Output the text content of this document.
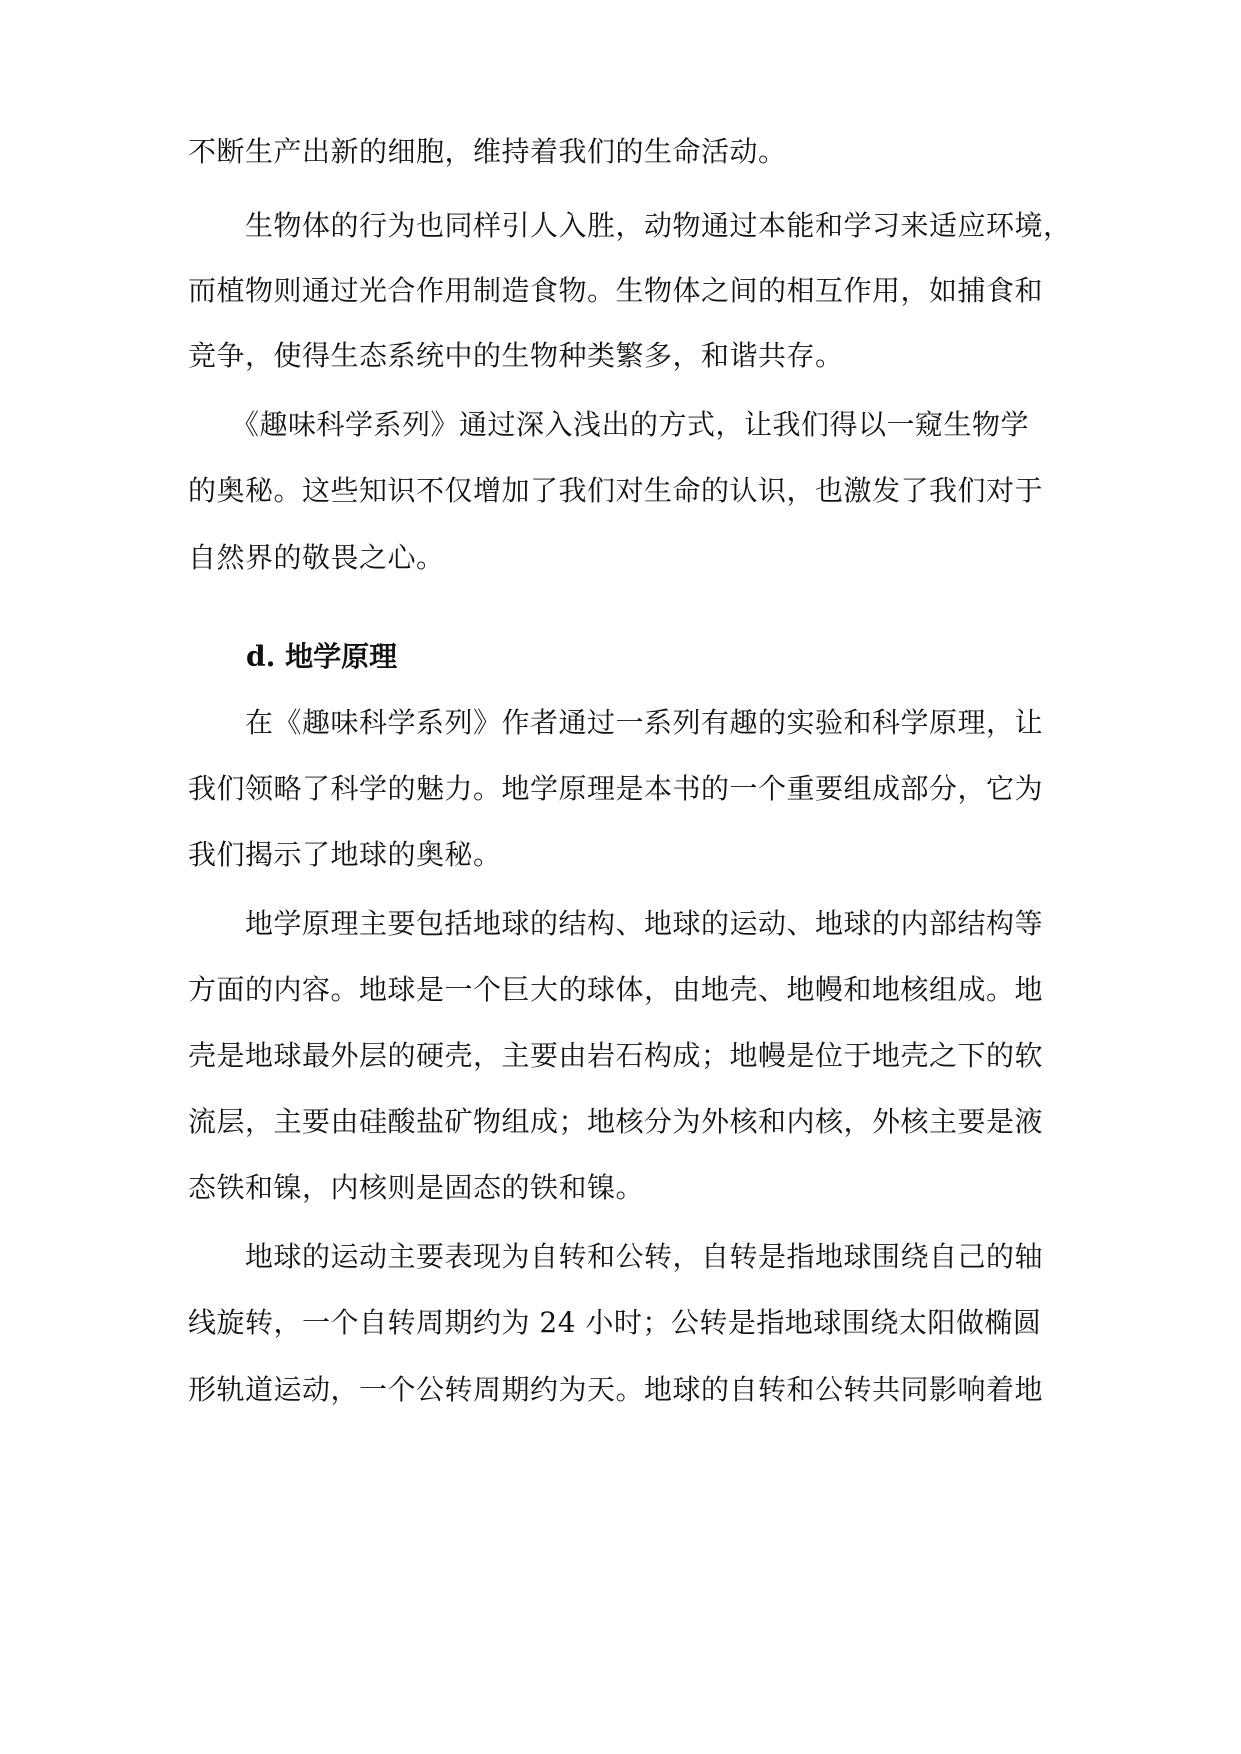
不断生产出新的细胞，维持着我们的生命活动。
　　生物体的行为也同样引人入胜，动物通过本能和学习来适应环境，
而植物则通过光合作用制造食物。生物体之间的相互作用，如捕食和
竞争，使得生态系统中的生物种类繁多，和谐共存。
　　《趣味科学系列》通过深入浅出的方式，让我们得以一窥生物学
的奥秘。这些知识不仅增加了我们对生命的认识，也激发了我们对于
自然界的敬畏之心。
d. 地学原理
　　在《趣味科学系列》作者通过一系列有趣的实验和科学原理，让
我们领略了科学的魅力。地学原理是本书的一个重要组成部分，它为
我们揭示了地球的奥秘。
　　地学原理主要包括地球的结构、地球的运动、地球的内部结构等
方面的内容。地球是一个巨大的球体，由地壳、地幔和地核组成。地
壳是地球最外层的硬壳，主要由岩石构成；地幔是位于地壳之下的软
流层，主要由硅酸盐矿物组成；地核分为外核和内核，外核主要是液
态铁和镍，内核则是固态的铁和镍。
　　地球的运动主要表现为自转和公转，自转是指地球围绕自己的轴
线旋转，一个自转周期约为 24 小时；公转是指地球围绕太阳做椭圆
形轨道运动，一个公转周期约为天。地球的自转和公转共同影响着地
